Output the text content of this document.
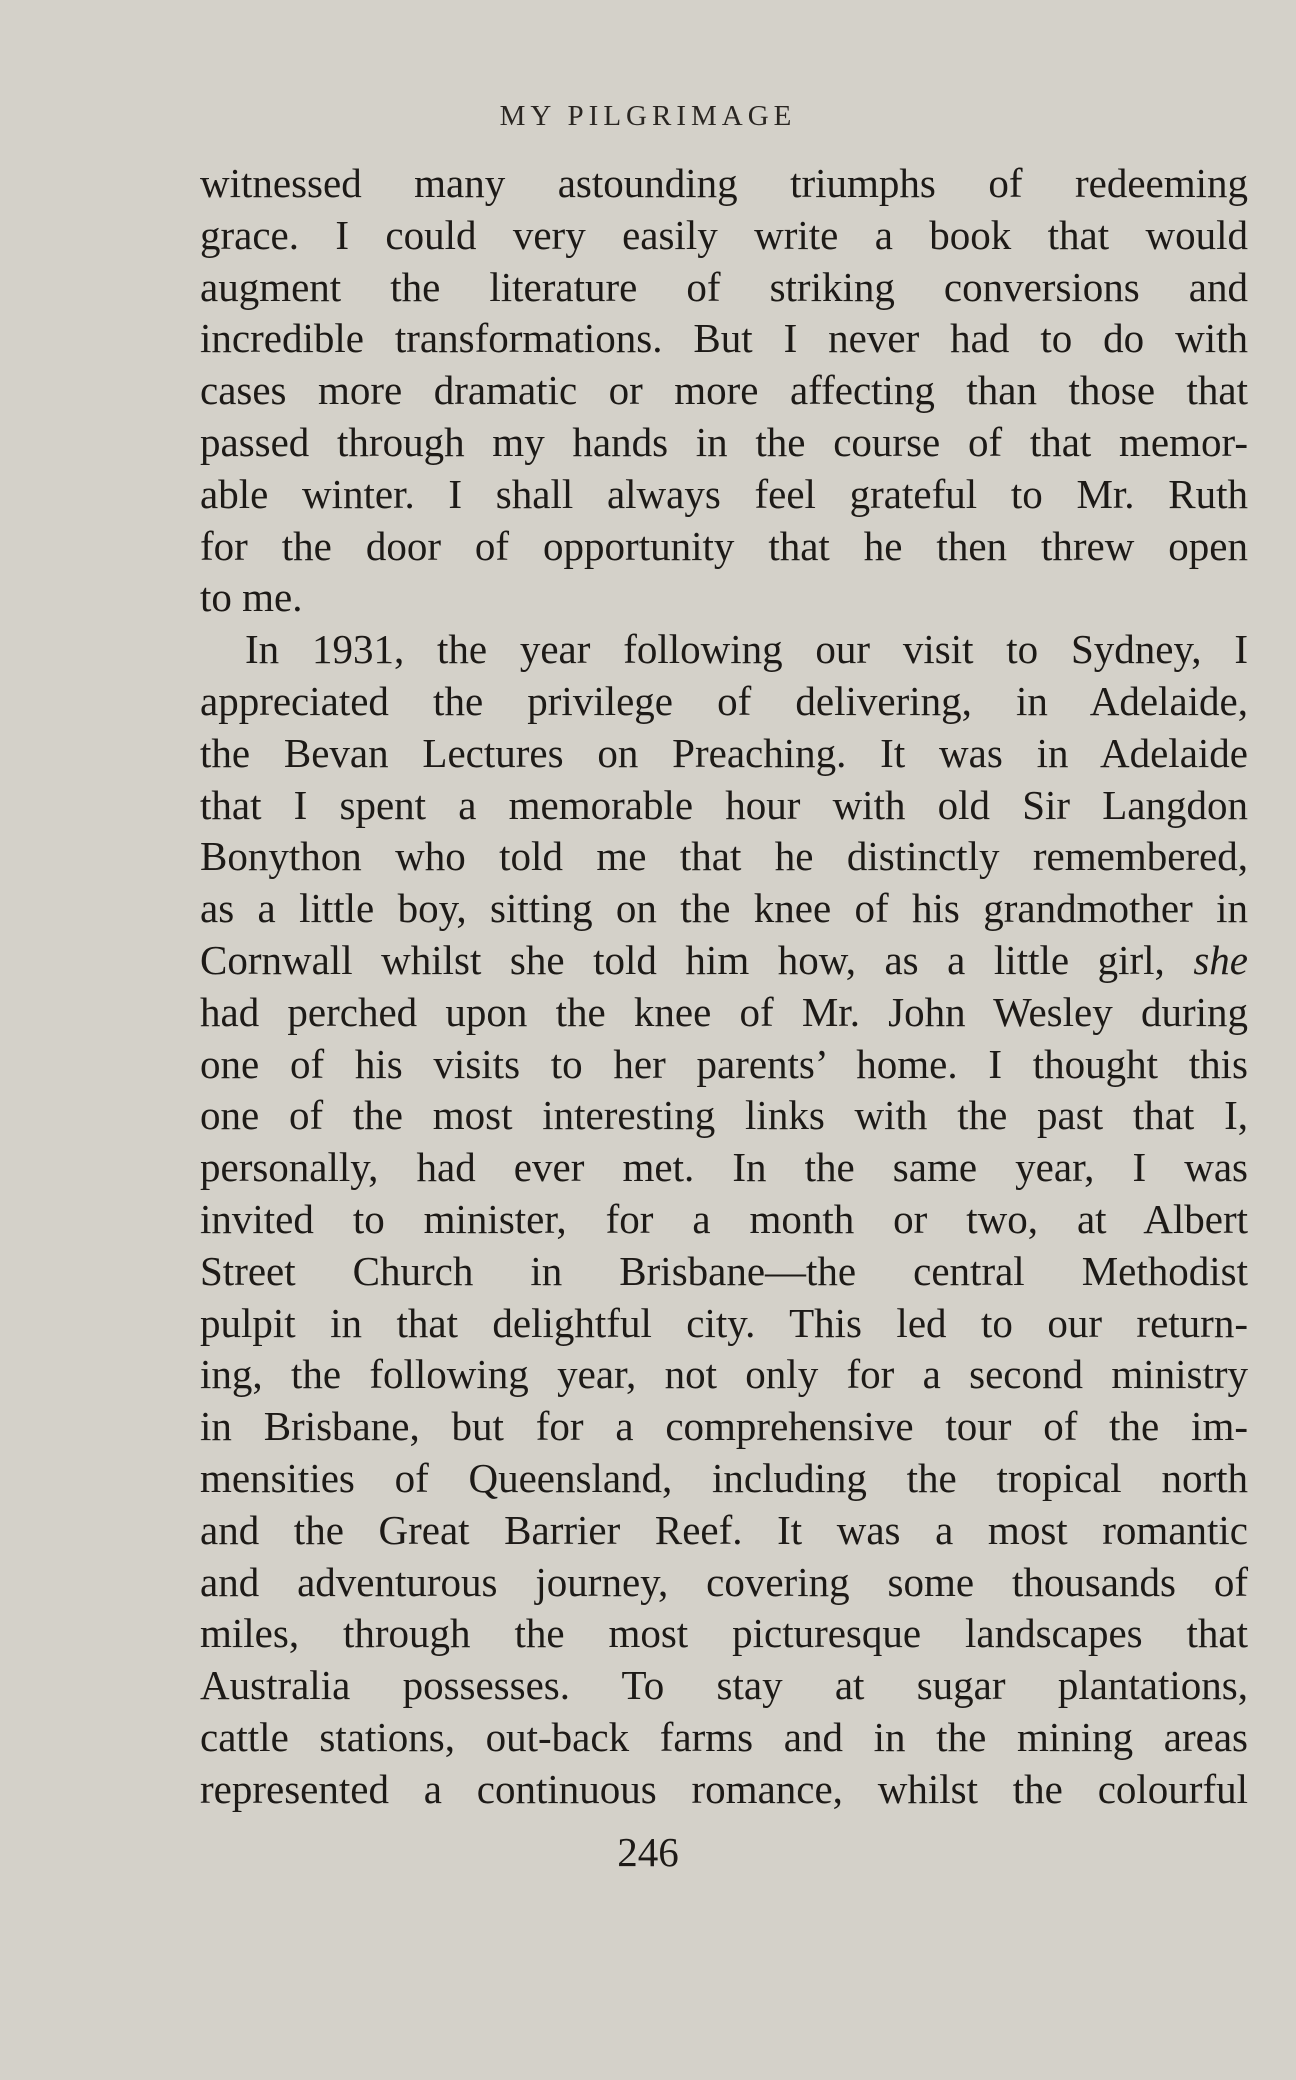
MY PILGRIMAGE
witnessed many astounding triumphs of redeeming
grace. I could very easily write a book that would
augment the literature of striking conversions and
incredible transformations. But I never had to do with
cases more dramatic or more affecting than those that
passed through my hands in the course of that memor-
able winter. I shall always feel grateful to Mr. Ruth
for the door of opportunity that he then threw open
to me.
In 1931, the year following our visit to Sydney, I
appreciated the privilege of delivering, in Adelaide,
the Bevan Lectures on Preaching. It was in Adelaide
that I spent a memorable hour with old Sir Langdon
Bonython who told me that he distinctly remembered,
as a little boy, sitting on the knee of his grandmother in
Cornwall whilst she told him how, as a little girl, she
had perched upon the knee of Mr. John Wesley during
one of his visits to her parents’ home. I thought this
one of the most interesting links with the past that I,
personally, had ever met. In the same year, I was
invited to minister, for a month or two, at Albert
Street Church in Brisbane—the central Methodist
pulpit in that delightful city. This led to our return-
ing, the following year, not only for a second ministry
in Brisbane, but for a comprehensive tour of the im-
mensities of Queensland, including the tropical north
and the Great Barrier Reef. It was a most romantic
and adventurous journey, covering some thousands of
miles, through the most picturesque landscapes that
Australia possesses. To stay at sugar plantations,
cattle stations, out-back farms and in the mining areas
represented a continuous romance, whilst the colourful
246
